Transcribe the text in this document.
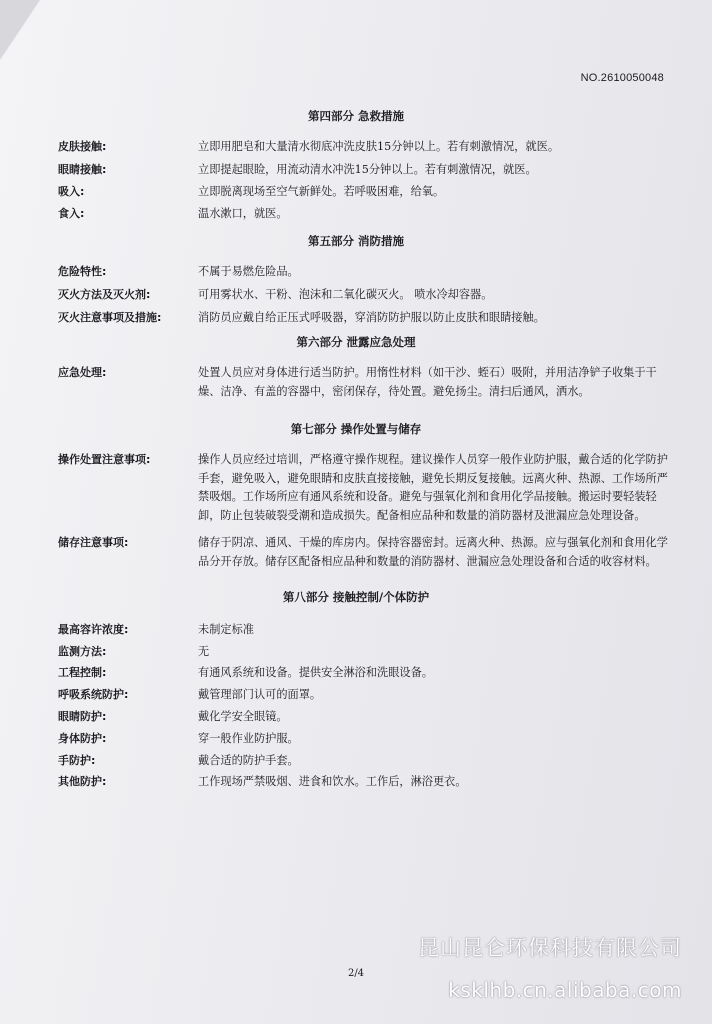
NO.2610050048
第四部分 急救措施
皮肤接触:	立即用肥皂和大量清水彻底冲洗皮肤15分钟以上。若有刺激情况，就医。
眼睛接触:	立即提起眼睑，用流动清水冲洗15分钟以上。若有刺激情况，就医。
吸入:	立即脱离现场至空气新鲜处。若呼吸困难，给氧。
食入:	温水漱口，就医。
第五部分 消防措施
危险特性:	不属于易燃危险品。
灭火方法及灭火剂:	可用雾状水、干粉、泡沫和二氧化碳灭火。 喷水冷却容器。
灭火注意事项及措施:	消防员应戴自给正压式呼吸器，穿消防防护服以防止皮肤和眼睛接触。
第六部分 泄露应急处理
应急处理:	处置人员应对身体进行适当防护。用惰性材料（如干沙、蛭石）吸附，并用洁净铲子收集于干燥、洁净、有盖的容器中，密闭保存，待处置。避免扬尘。清扫后通风，洒水。
第七部分 操作处置与储存
操作处置注意事项:	操作人员应经过培训，严格遵守操作规程。建议操作人员穿一般作业防护服，戴合适的化学防护手套，避免吸入，避免眼睛和皮肤直接接触，避免长期反复接触。远离火种、热源、工作场所严禁吸烟。工作场所应有通风系统和设备。避免与强氧化剂和食用化学品接触。搬运时要轻装轻卸，防止包装破裂受潮和造成损失。配备相应品种和数量的消防器材及泄漏应急处理设备。
储存注意事项:	储存于阴凉、通风、干燥的库房内。保持容器密封。远离火种、热源。应与强氧化剂和食用化学品分开存放。储存区配备相应品种和数量的消防器材、泄漏应急处理设备和合适的收容材料。
第八部分 接触控制/个体防护
最高容许浓度:	未制定标准
监测方法:	无
工程控制:	有通风系统和设备。提供安全淋浴和洗眼设备。
呼吸系统防护:	戴管理部门认可的面罩。
眼睛防护:	戴化学安全眼镜。
身体防护:	穿一般作业防护服。
手防护:	戴合适的防护手套。
其他防护:	工作现场严禁吸烟、进食和饮水。工作后，淋浴更衣。
昆山昆仑环保科技有限公司
2/4
ksklhb.cn.alibaba.com
